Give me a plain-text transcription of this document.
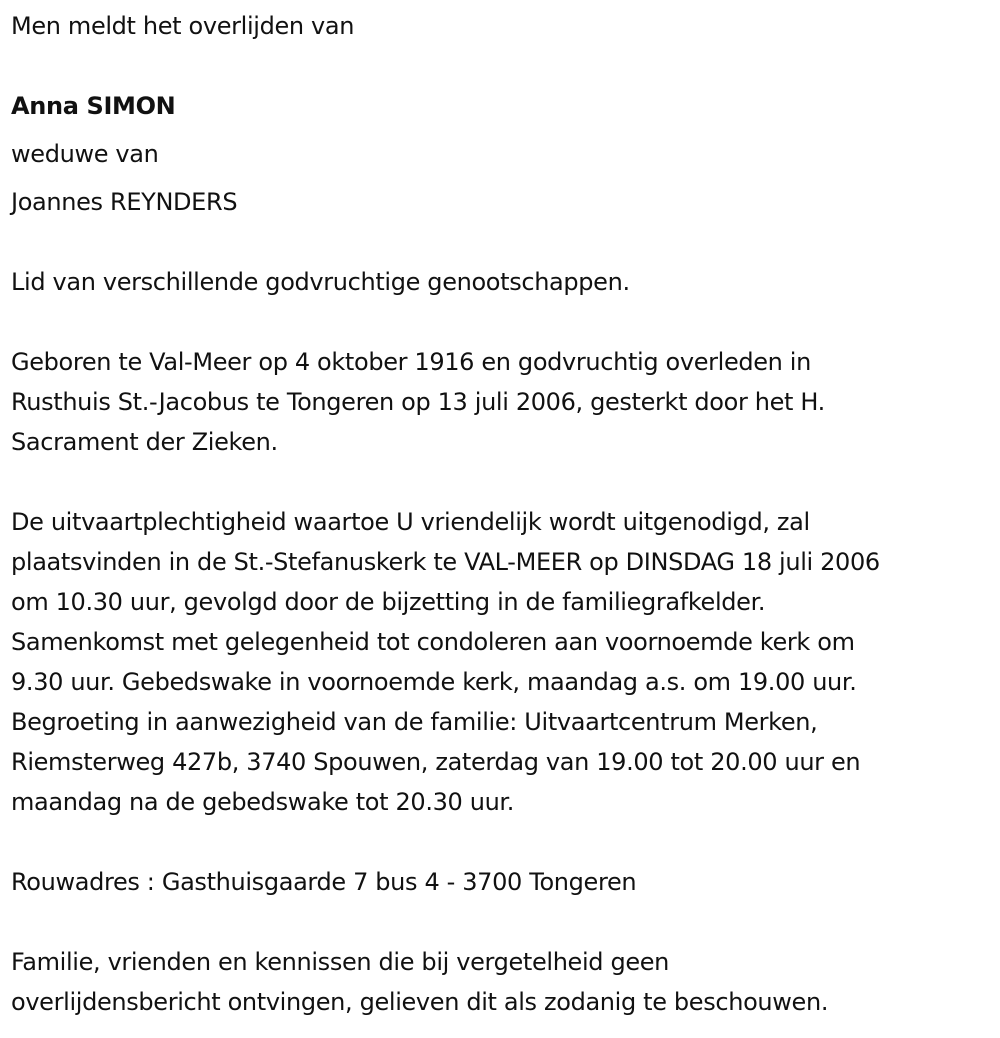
Men meldt het overlijden van
Anna SIMON
weduwe van
Joannes REYNDERS
Lid van verschillende godvruchtige genootschappen.
Geboren te Val-Meer op 4 oktober 1916 en godvruchtig overleden in
Rusthuis St.-Jacobus te Tongeren op 13 juli 2006, gesterkt door het H.
Sacrament der Zieken.
De uitvaartplechtigheid waartoe U vriendelijk wordt uitgenodigd, zal
plaatsvinden in de St.-Stefanuskerk te VAL-MEER op DINSDAG 18 juli 2006
om 10.30 uur, gevolgd door de bijzetting in de familiegrafkelder.
Samenkomst met gelegenheid tot condoleren aan voornoemde kerk om
9.30 uur. Gebedswake in voornoemde kerk, maandag a.s. om 19.00 uur.
Begroeting in aanwezigheid van de familie: Uitvaartcentrum Merken,
Riemsterweg 427b, 3740 Spouwen, zaterdag van 19.00 tot 20.00 uur en
maandag na de gebedswake tot 20.30 uur.
Rouwadres : Gasthuisgaarde 7 bus 4 - 3700 Tongeren
Familie, vrienden en kennissen die bij vergetelheid geen
overlijdensbericht ontvingen, gelieven dit als zodanig te beschouwen.
